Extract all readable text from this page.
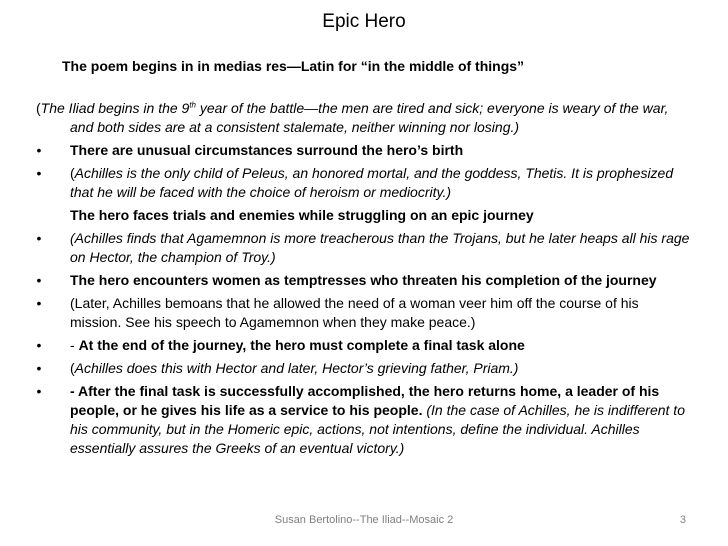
Epic Hero
The poem begins in in medias res—Latin for “in the middle of things”

(The Iliad begins in the 9th year of the battle—the men are tired and sick; everyone is weary of the war, and both sides are at a consistent stalemate, neither winning nor losing.)

•	There are unusual circumstances surround the hero’s birth

•	(Achilles is the only child of Peleus, an honored mortal, and the goddess, Thetis. It is prophesized that he will be faced with the choice of heroism or mediocrity.)

The hero faces trials and enemies while struggling on an epic journey

•	(Achilles finds that Agamemnon is more treacherous than the Trojans, but he later heaps all his rage on Hector, the champion of Troy.)

•	The hero encounters women as temptresses who threaten his completion of the journey

•	(Later, Achilles bemoans that he allowed the need of a woman veer him off the course of his mission. See his speech to Agamemnon when they make peace.)

•	- At the end of the journey, the hero must complete a final task alone

•	(Achilles does this with Hector and later, Hector’s grieving father, Priam.)

•	- After the final task is successfully accomplished, the hero returns home, a leader of his people, or he gives his life as a service to his people. (In the case of Achilles, he is indifferent to his community, but in the Homeric epic, actions, not intentions, define the individual. Achilles essentially assures the Greeks of an eventual victory.)

Susan Bertolino--The Iliad--Mosaic 2	3
